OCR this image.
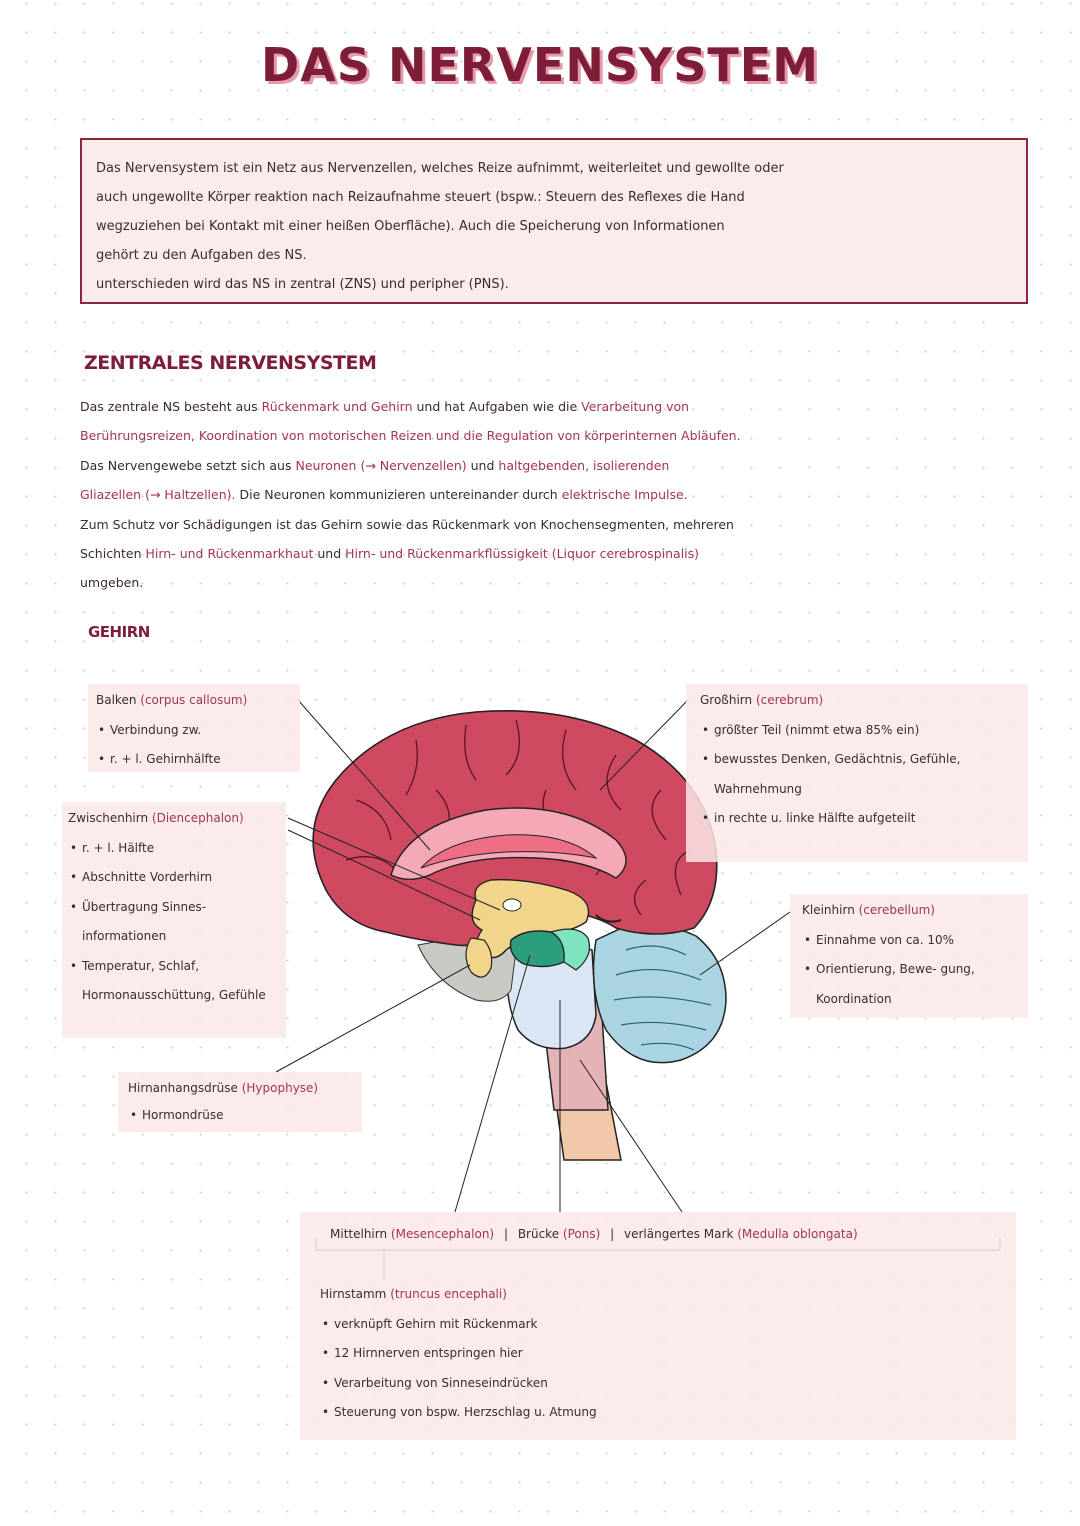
DAS NERVENSYSTEM

Das Nervensystem ist ein Netz aus Nervenzellen, welches Reize aufnimmt, weiterleitet und gewollte oder

auch ungewollte Körper reaktion nach Reizaufnahme steuert (bspw.: Steuern des Reflexes die Hand

wegzuziehen bei Kontakt mit einer heißen Oberfläche). Auch die Speicherung von Informationen

gehört zu den Aufgaben des NS.

unterschieden wird das NS in zentral (ZNS) und peripher (PNS).

ZENTRALES NERVENSYSTEM

Das zentrale NS besteht aus Rückenmark und Gehirn und hat Aufgaben wie die Verarbeitung von

Berührungsreizen, Koordination von motorischen Reizen und die Regulation von körperinternen Abläufen.

Das Nervengewebe setzt sich aus Neuronen (→ Nervenzellen) und haltgebenden, isolierenden

Gliazellen (→ Haltzellen). Die Neuronen kommunizieren untereinander durch elektrische Impulse.

Zum Schutz vor Schädigungen ist das Gehirn sowie das Rückenmark von Knochensegmenten, mehreren

Schichten Hirn- und Rückenmarkhaut und Hirn- und Rückenmarkflüssigkeit (Liquor cerebrospinalis)

umgeben.

GEHIRN

Balken (corpus callosum)

• Verbindung zw.
• r. + l. Gehirnhälfte

Zwischenhirn (Diencephalon)

• r. + l. Hälfte
• Abschnitte Vorderhirn
• Übertragung Sinnes- informationen
• Temperatur, Schlaf, Hormonausschüttung, Gefühle

Großhirn (cerebrum)

• größter Teil (nimmt etwa 85% ein)
• bewusstes Denken, Gedächtnis, Gefühle, Wahrnehmung
• in rechte u. linke Hälfte aufgeteilt

Kleinhirn (cerebellum)

• Einnahme von ca. 10%
• Orientierung, Bewe- gung, Koordination

Hirnanhangsdrüse (Hypophyse)

• Hormondrüse
Mittelhirn (Mesencephalon) | Brücke (Pons) | verlängertes Mark (Medulla oblongata)

Hirnstamm (truncus encephali)

• verknüpft Gehirn mit Rückenmark
• 12 Hirnnerven entspringen hier
• Verarbeitung von Sinneseindrücken
• Steuerung von bspw. Herzschlag u. Atmung
